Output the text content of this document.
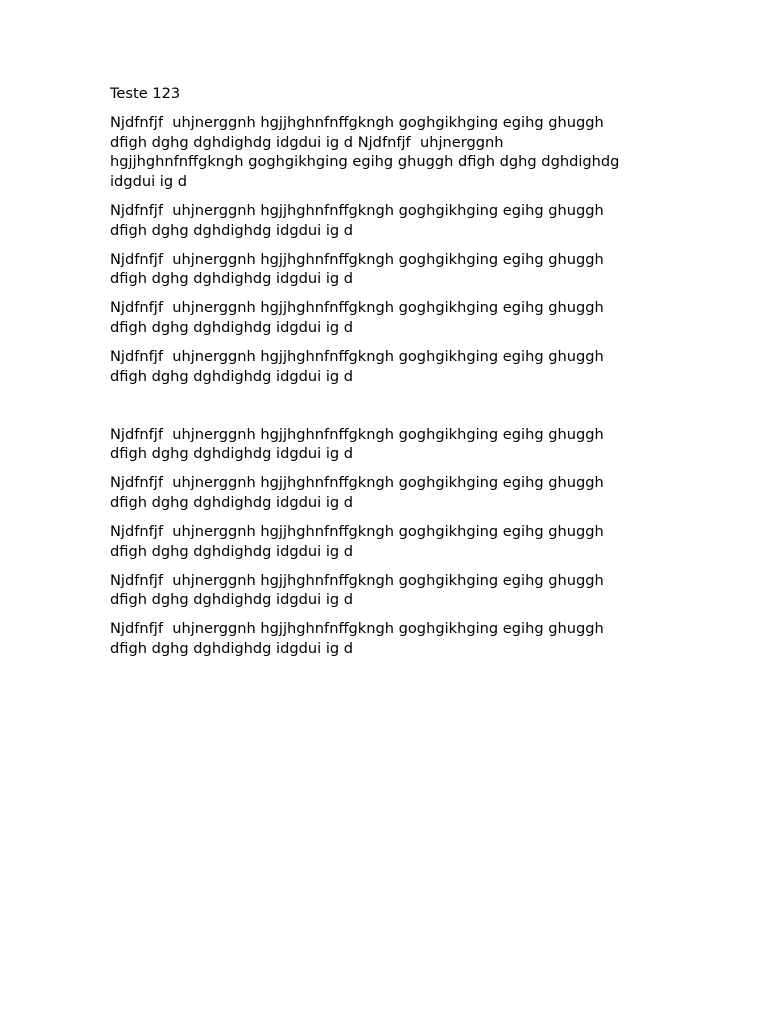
Teste 123

Njdfnfjf  uhjnerggnh hgjjhghnfnffgkngh goghgikhging egihg ghuggh
dfigh dghg dghdighdg idgdui ig d Njdfnfjf  uhjnerggnh
hgjjhghnfnffgkngh goghgikhging egihg ghuggh dfigh dghg dghdighdg
idgdui ig d

Njdfnfjf  uhjnerggnh hgjjhghnfnffgkngh goghgikhging egihg ghuggh
dfigh dghg dghdighdg idgdui ig d

Njdfnfjf  uhjnerggnh hgjjhghnfnffgkngh goghgikhging egihg ghuggh
dfigh dghg dghdighdg idgdui ig d

Njdfnfjf  uhjnerggnh hgjjhghnfnffgkngh goghgikhging egihg ghuggh
dfigh dghg dghdighdg idgdui ig d

Njdfnfjf  uhjnerggnh hgjjhghnfnffgkngh goghgikhging egihg ghuggh
dfigh dghg dghdighdg idgdui ig d

Njdfnfjf  uhjnerggnh hgjjhghnfnffgkngh goghgikhging egihg ghuggh
dfigh dghg dghdighdg idgdui ig d

Njdfnfjf  uhjnerggnh hgjjhghnfnffgkngh goghgikhging egihg ghuggh
dfigh dghg dghdighdg idgdui ig d

Njdfnfjf  uhjnerggnh hgjjhghnfnffgkngh goghgikhging egihg ghuggh
dfigh dghg dghdighdg idgdui ig d

Njdfnfjf  uhjnerggnh hgjjhghnfnffgkngh goghgikhging egihg ghuggh
dfigh dghg dghdighdg idgdui ig d

Njdfnfjf  uhjnerggnh hgjjhghnfnffgkngh goghgikhging egihg ghuggh
dfigh dghg dghdighdg idgdui ig d
